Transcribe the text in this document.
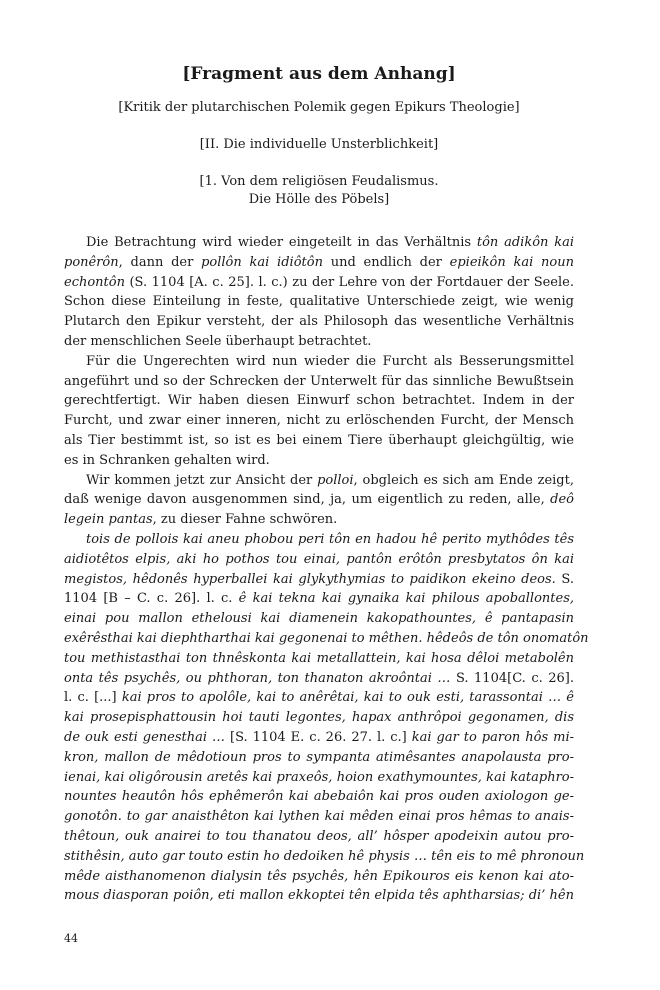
[Fragment aus dem Anhang]
[Kritik der plutarchischen Polemik gegen Epikurs Theologie]
[II. Die individuelle Unsterblichkeit]
[1. Von dem religiösen Feudalismus.
Die Hölle des Pöbels]
Die Betrachtung wird wieder eingeteilt in das Verhältnis tôn adikôn kai
ponêrôn, dann der pollôn kai idiôtôn und endlich der epieikôn kai noun
echontôn (S. 1104 [A. c. 25]. l. c.) zu der Lehre von der Fortdauer der Seele.
Schon diese Einteilung in feste, qualitative Unterschiede zeigt, wie wenig
Plutarch den Epikur versteht, der als Philosoph das wesentliche Verhältnis
der menschlichen Seele überhaupt betrachtet.
Für die Ungerechten wird nun wieder die Furcht als Besserungsmittel
angeführt und so der Schrecken der Unterwelt für das sinnliche Bewußtsein
gerechtfertigt. Wir haben diesen Einwurf schon betrachtet. Indem in der
Furcht, und zwar einer inneren, nicht zu erlöschenden Furcht, der Mensch
als Tier bestimmt ist, so ist es bei einem Tiere überhaupt gleichgültig, wie
es in Schranken gehalten wird.
Wir kommen jetzt zur Ansicht der polloi, obgleich es sich am Ende zeigt,
daß wenige davon ausgenommen sind, ja, um eigentlich zu reden, alle, deô
legein pantas, zu dieser Fahne schwören.
tois de pollois kai aneu phobou peri tôn en hadou hê perito mythôdes tês
aidiotêtos elpis, aki ho pothos tou einai, pantôn erôtôn presbytatos ôn kai
megistos, hêdonês hyperballei kai glykythymias to paidikon ekeino deos. S.
1104 [B – C. c. 26]. l. c. ê kai tekna kai gynaika kai philous apoballontes,
einai pou mallon ethelousi kai diamenein kakopathountes, ê pantapasin
exêrêsthai kai diephtharthai kai gegonenai to mêthen. hêdeôs de tôn onomatôn
tou methistasthai ton thnêskonta kai metallattein, kai hosa dêloi metabolên
onta tês psychês, ou phthoran, ton thanaton akroôntai … S. 1104[C. c. 26].
l. c. [...] kai pros to apolôle, kai to anêrêtai, kai to ouk esti, tarassontai … ê
kai prosepisphattousin hoi tauti legontes, hapax anthrôpoi gegonamen, dis
de ouk esti genesthai … [S. 1104 E. c. 26. 27. l. c.] kai gar to paron hôs mi-
kron, mallon de mêdotioun pros to sympanta atimêsantes anapolausta pro-
ienai, kai oligôrousin aretês kai praxeôs, hoion exathymountes, kai kataphro-
nountes heautôn hôs ephêmerôn kai abebaiôn kai pros ouden axiologon ge-
gonotôn. to gar anaisthêton kai lythen kai mêden einai pros hêmas to anais-
thêtoun, ouk anairei to tou thanatou deos, all’ hôsper apodeixin autou pro-
stithêsin, auto gar touto estin ho dedoiken hê physis … tên eis to mê phronoun
mêde aisthanomenon dialysin tês psychês, hên Epikouros eis kenon kai ato-
mous diasporan poiôn, eti mallon ekkoptei tên elpida tês aphtharsias; di’ hên
44
